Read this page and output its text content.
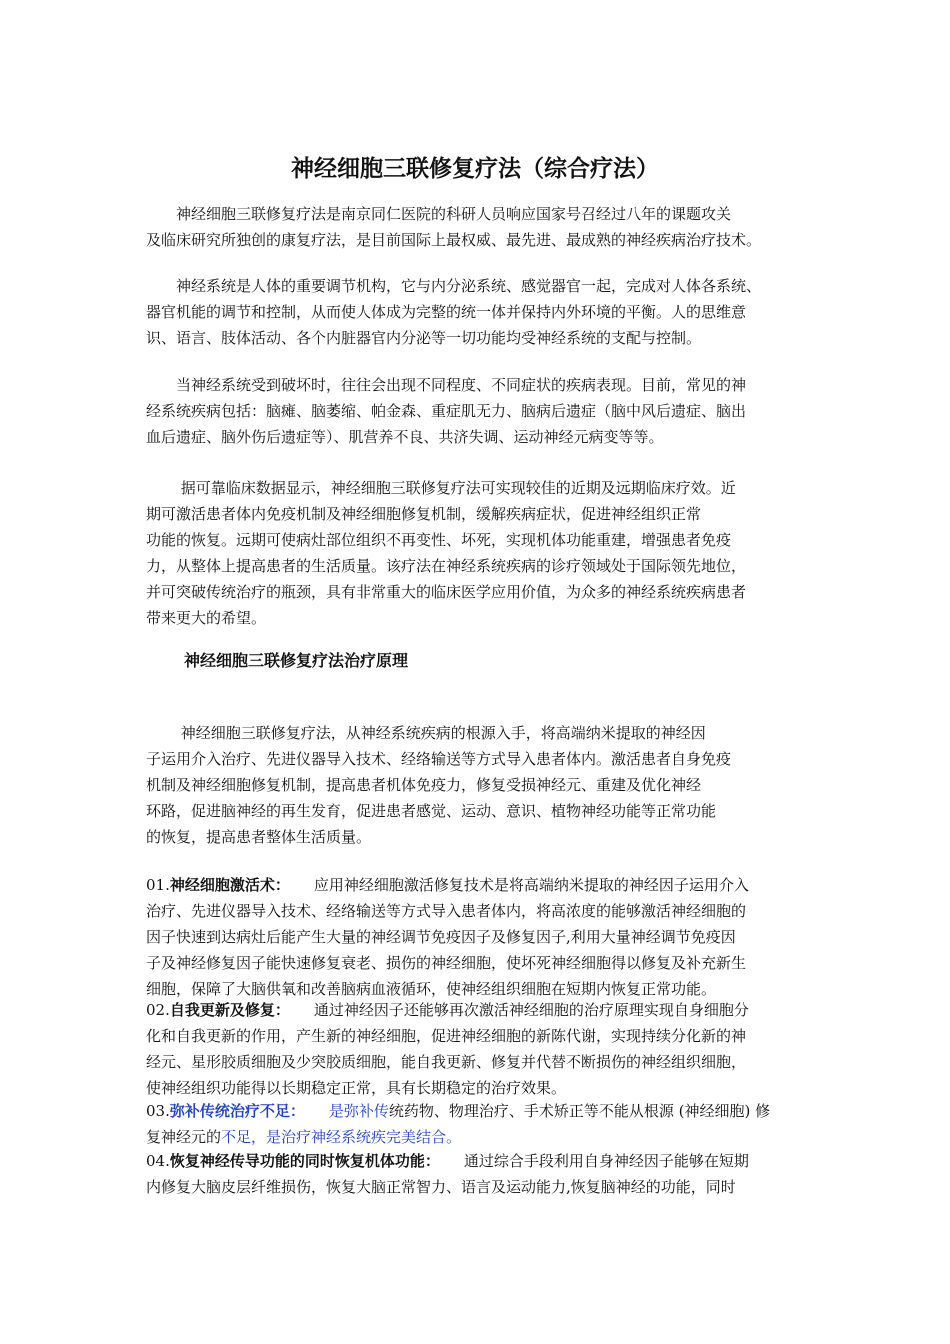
神经细胞三联修复疗法（综合疗法）

　　神经细胞三联修复疗法是南京同仁医院的科研人员响应国家号召经过八年的课题攻关
及临床研究所独创的康复疗法，是目前国际上最权威、最先进、最成熟的神经疾病治疗技术。

　　神经系统是人体的重要调节机构，它与内分泌系统、感觉器官一起，完成对人体各系统、
器官机能的调节和控制，从而使人体成为完整的统一体并保持内外环境的平衡。人的思维意
识、语言、肢体活动、各个内脏器官内分泌等一切功能均受神经系统的支配与控制。

　　当神经系统受到破坏时，往往会出现不同程度、不同症状的疾病表现。目前，常见的神
经系统疾病包括：脑瘫、脑萎缩、帕金森、重症肌无力、脑病后遗症（脑中风后遗症、脑出
血后遗症、脑外伤后遗症等）、肌营养不良、共济失调、运动神经元病变等等。

　　 据可靠临床数据显示，神经细胞三联修复疗法可实现较佳的近期及远期临床疗效。近
期可激活患者体内免疫机制及神经细胞修复机制，缓解疾病症状，促进神经组织正常
功能的恢复。远期可使病灶部位组织不再变性、坏死，实现机体功能重建，增强患者免疫
力，从整体上提高患者的生活质量。该疗法在神经系统疾病的诊疗领域处于国际领先地位，
并可突破传统治疗的瓶颈，具有非常重大的临床医学应用价值，为众多的神经系统疾病患者
带来更大的希望。

神经细胞三联修复疗法治疗原理

　　 神经细胞三联修复疗法，从神经系统疾病的根源入手，将高端纳米提取的神经因
子运用介入治疗、先进仪器导入技术、经络输送等方式导入患者体内。激活患者自身免疫
机制及神经细胞修复机制，提高患者机体免疫力，修复受损神经元、重建及优化神经
环路，促进脑神经的再生发育，促进患者感觉、运动、意识、植物神经功能等正常功能
的恢复，提高患者整体生活质量。

01.神经细胞激活术： 应用神经细胞激活修复技术是将高端纳米提取的神经因子运用介入
治疗、先进仪器导入技术、经络输送等方式导入患者体内，将高浓度的能够激活神经细胞的
因子快速到达病灶后能产生大量的神经调节免疫因子及修复因子,利用大量神经调节免疫因
子及神经修复因子能快速修复衰老、损伤的神经细胞，使坏死神经细胞得以修复及补充新生
细胞，保障了大脑供氧和改善脑病血液循环，使神经组织细胞在短期内恢复正常功能。

02.自我更新及修复： 通过神经因子还能够再次激活神经细胞的治疗原理实现自身细胞分
化和自我更新的作用，产生新的神经细胞，促进神经细胞的新陈代谢，实现持续分化新的神
经元、星形胶质细胞及少突胶质细胞，能自我更新、修复并代替不断损伤的神经组织细胞，
使神经组织功能得以长期稳定正常，具有长期稳定的治疗效果。

03.弥补传统治疗不足： 是弥补传统药物、物理治疗、手术矫正等不能从根源 (神经细胞) 修
复神经元的不足，是治疗神经系统疾完美结合。

04.恢复神经传导功能的同时恢复机体功能： 通过综合手段利用自身神经因子能够在短期
内修复大脑皮层纤维损伤，恢复大脑正常智力、语言及运动能力,恢复脑神经的功能，同时
